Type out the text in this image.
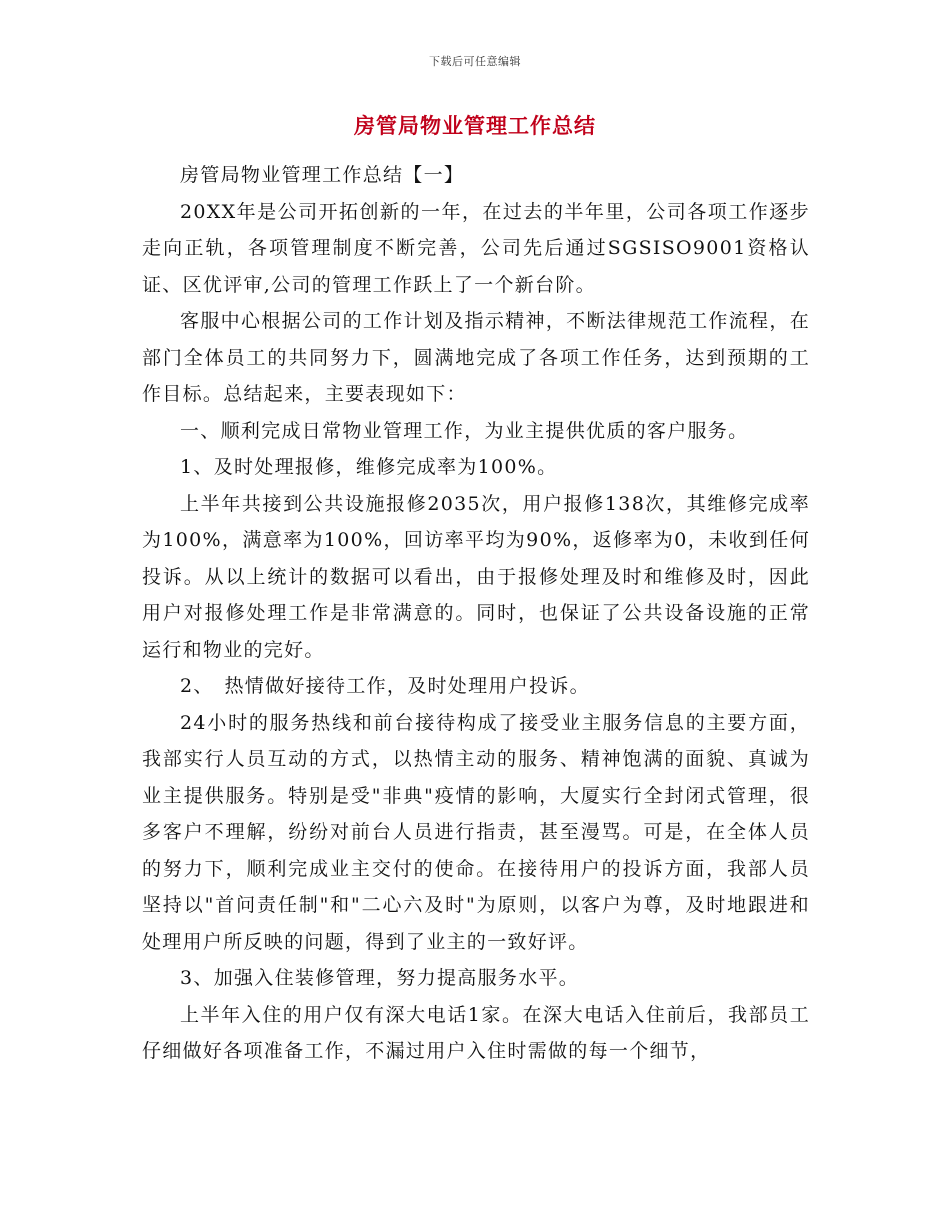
下载后可任意编辑
房管局物业管理工作总结

房管局物业管理工作总结【一】

20XX年是公司开拓创新的一年，在过去的半年里，公司各项工作逐步走向正轨，各项管理制度不断完善，公司先后通过SGSISO9001资格认证、区优评审,公司的管理工作跃上了一个新台阶。

客服中心根据公司的工作计划及指示精神，不断法律规范工作流程，在部门全体员工的共同努力下，圆满地完成了各项工作任务，达到预期的工作目标。总结起来，主要表现如下：

一、顺利完成日常物业管理工作，为业主提供优质的客户服务。

1、及时处理报修，维修完成率为100%。

上半年共接到公共设施报修2035次，用户报修138次，其维修完成率为100%，满意率为100%，回访率平均为90%，返修率为0，未收到任何投诉。从以上统计的数据可以看出，由于报修处理及时和维修及时，因此用户对报修处理工作是非常满意的。同时，也保证了公共设备设施的正常运行和物业的完好。

2、　热情做好接待工作，及时处理用户投诉。

24小时的服务热线和前台接待构成了接受业主服务信息的主要方面，我部实行人员互动的方式，以热情主动的服务、精神饱满的面貌、真诚为业主提供服务。特别是受"非典"疫情的影响，大厦实行全封闭式管理，很多客户不理解，纷纷对前台人员进行指责，甚至漫骂。可是，在全体人员的努力下，顺利完成业主交付的使命。在接待用户的投诉方面，我部人员坚持以"首问责任制"和"二心六及时"为原则，以客户为尊，及时地跟进和处理用户所反映的问题，得到了业主的一致好评。

3、加强入住装修管理，努力提高服务水平。

上半年入住的用户仅有深大电话1家。在深大电话入住前后，我部员工仔细做好各项准备工作，不漏过用户入住时需做的每一个细节，
